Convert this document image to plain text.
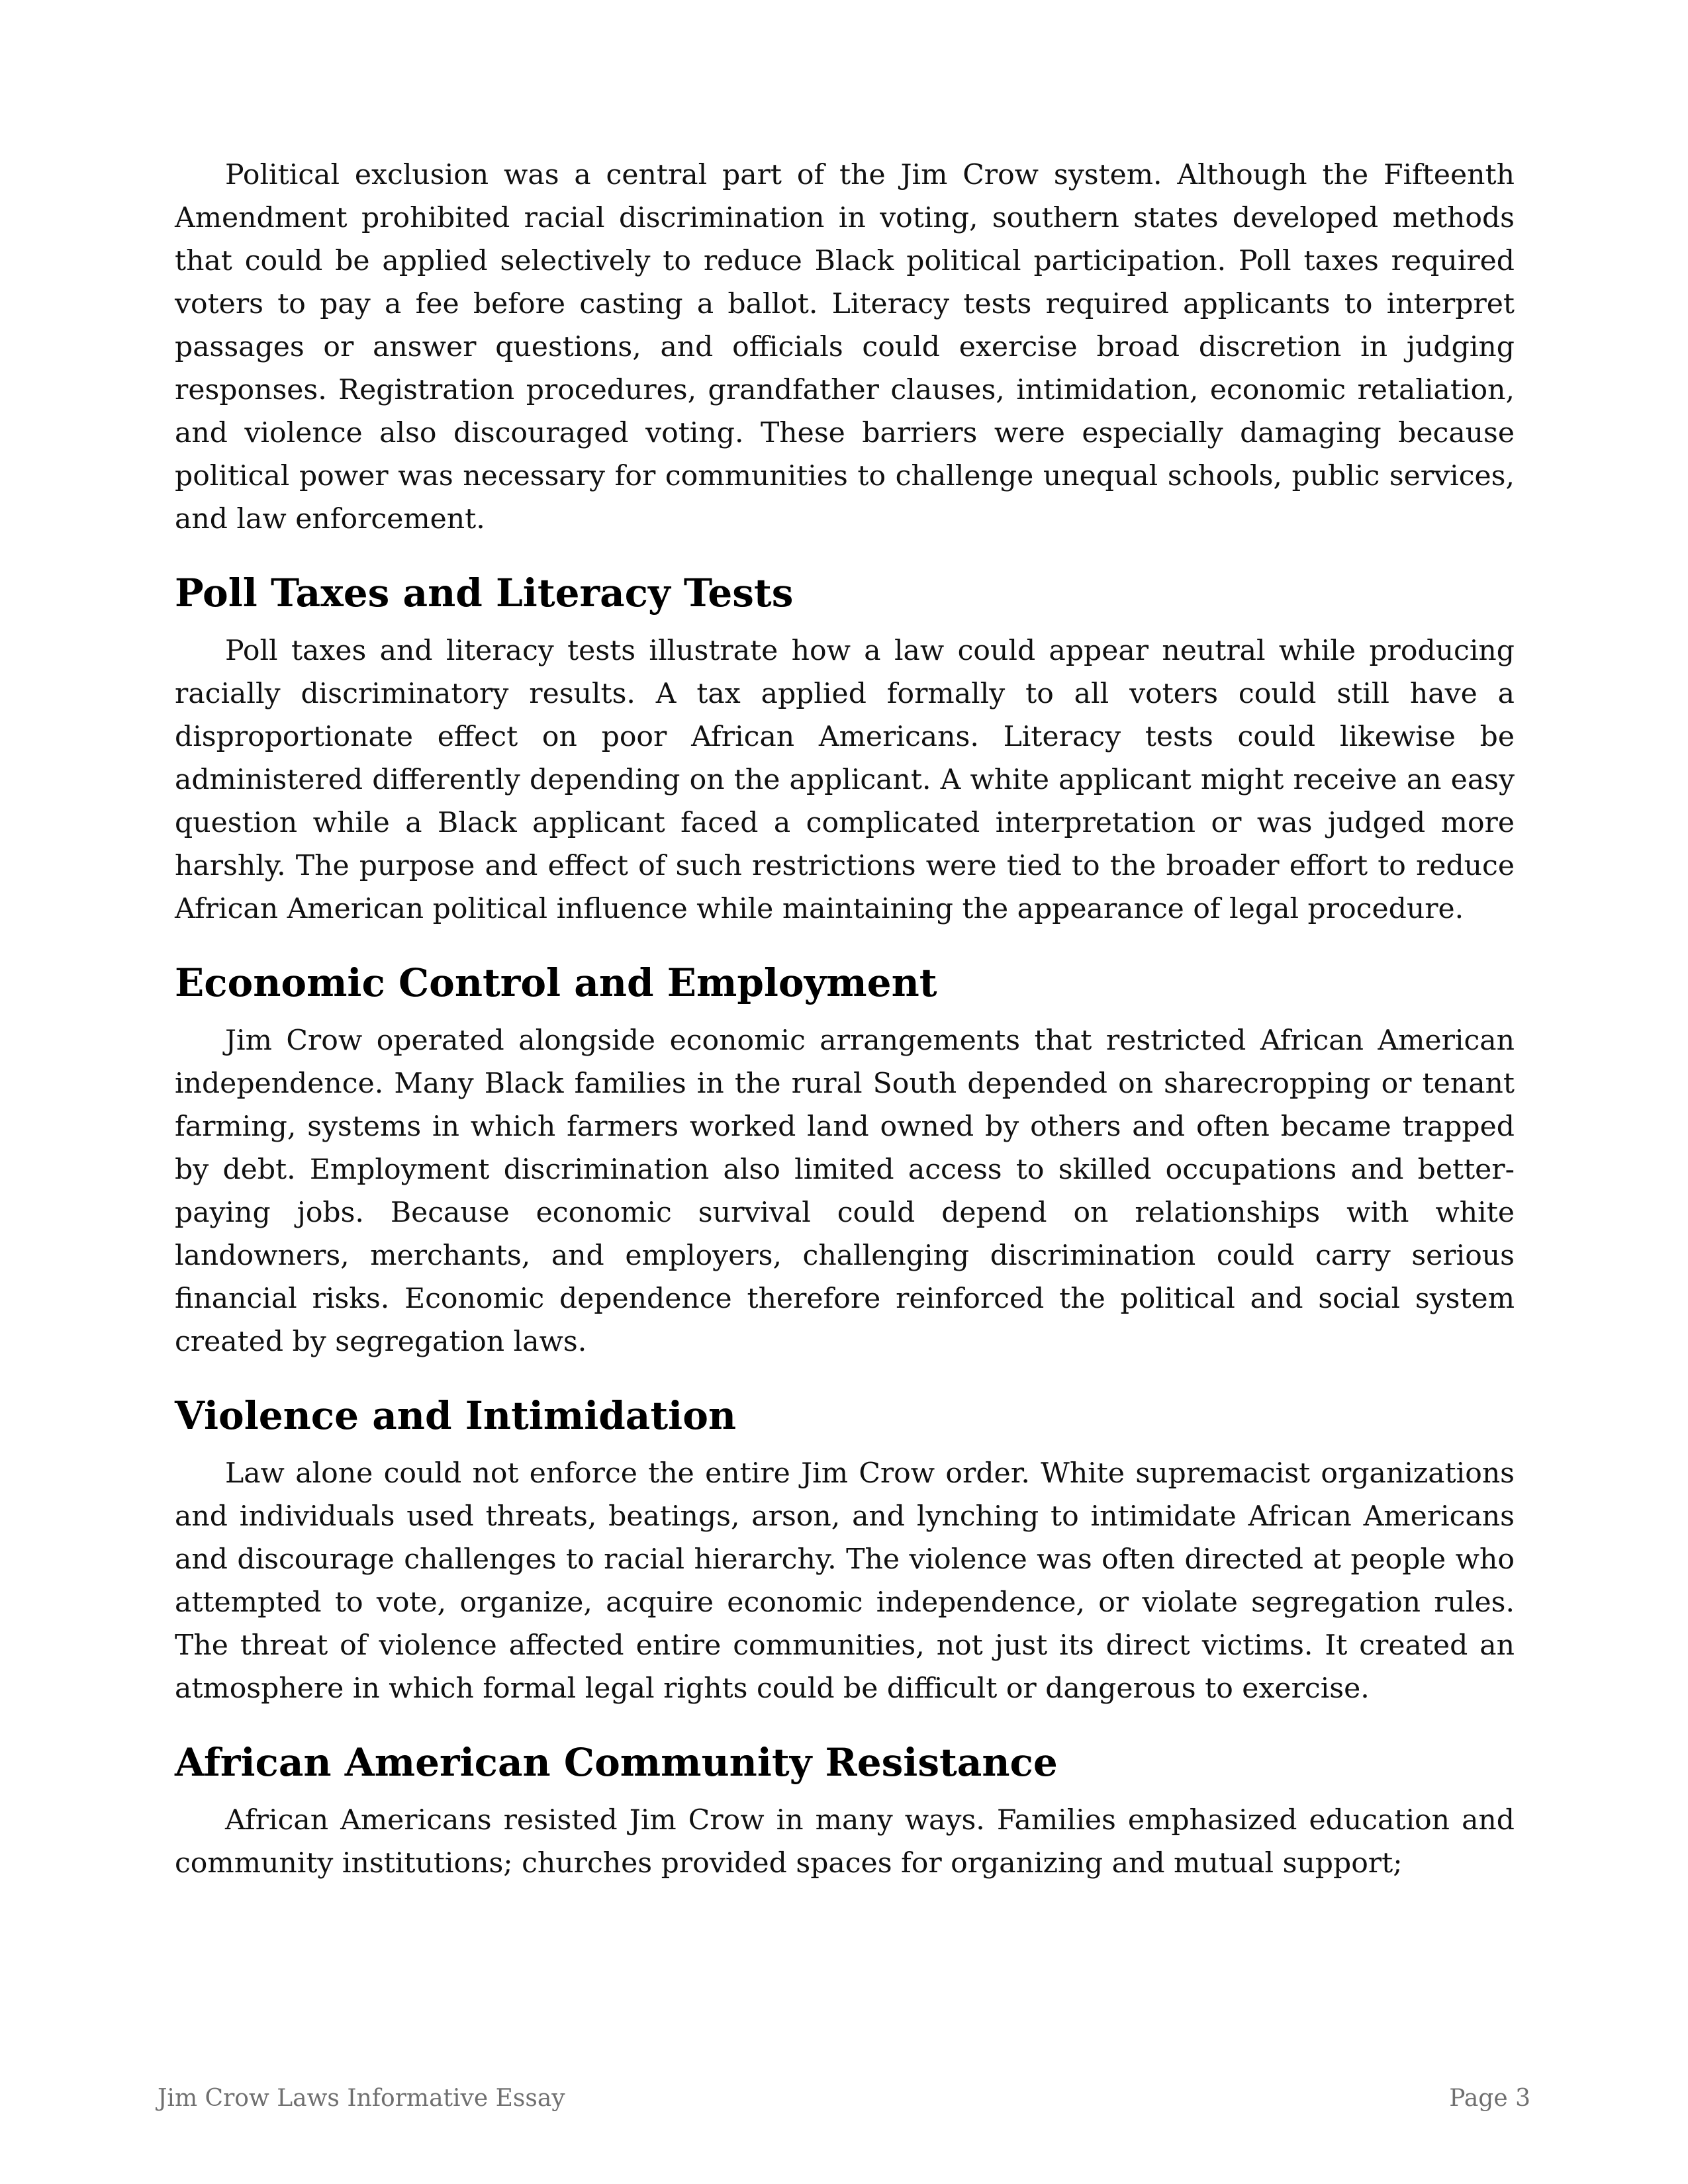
Political exclusion was a central part of the Jim Crow system. Although the Fifteenth Amendment prohibited racial discrimination in voting, southern states developed methods that could be applied selectively to reduce Black political participation. Poll taxes required voters to pay a fee before casting a ballot. Literacy tests required applicants to interpret passages or answer questions, and officials could exercise broad discretion in judging responses. Registration procedures, grandfather clauses, intimidation, economic retaliation, and violence also discouraged voting. These barriers were especially damaging because political power was necessary for communities to challenge unequal schools, public services, and law enforcement.

Poll Taxes and Literacy Tests

Poll taxes and literacy tests illustrate how a law could appear neutral while producing racially discriminatory results. A tax applied formally to all voters could still have a disproportionate effect on poor African Americans. Literacy tests could likewise be administered differently depending on the applicant. A white applicant might receive an easy question while a Black applicant faced a complicated interpretation or was judged more harshly. The purpose and effect of such restrictions were tied to the broader effort to reduce African American political influence while maintaining the appearance of legal procedure.

Economic Control and Employment

Jim Crow operated alongside economic arrangements that restricted African American independence. Many Black families in the rural South depended on sharecropping or tenant farming, systems in which farmers worked land owned by others and often became trapped by debt. Employment discrimination also limited access to skilled occupations and better-paying jobs. Because economic survival could depend on relationships with white landowners, merchants, and employers, challenging discrimination could carry serious financial risks. Economic dependence therefore reinforced the political and social system created by segregation laws.

Violence and Intimidation

Law alone could not enforce the entire Jim Crow order. White supremacist organizations and individuals used threats, beatings, arson, and lynching to intimidate African Americans and discourage challenges to racial hierarchy. The violence was often directed at people who attempted to vote, organize, acquire economic independence, or violate segregation rules. The threat of violence affected entire communities, not just its direct victims. It created an atmosphere in which formal legal rights could be difficult or dangerous to exercise.

African American Community Resistance

African Americans resisted Jim Crow in many ways. Families emphasized education and community institutions; churches provided spaces for organizing and mutual support;

Jim Crow Laws Informative Essay	Page 3
